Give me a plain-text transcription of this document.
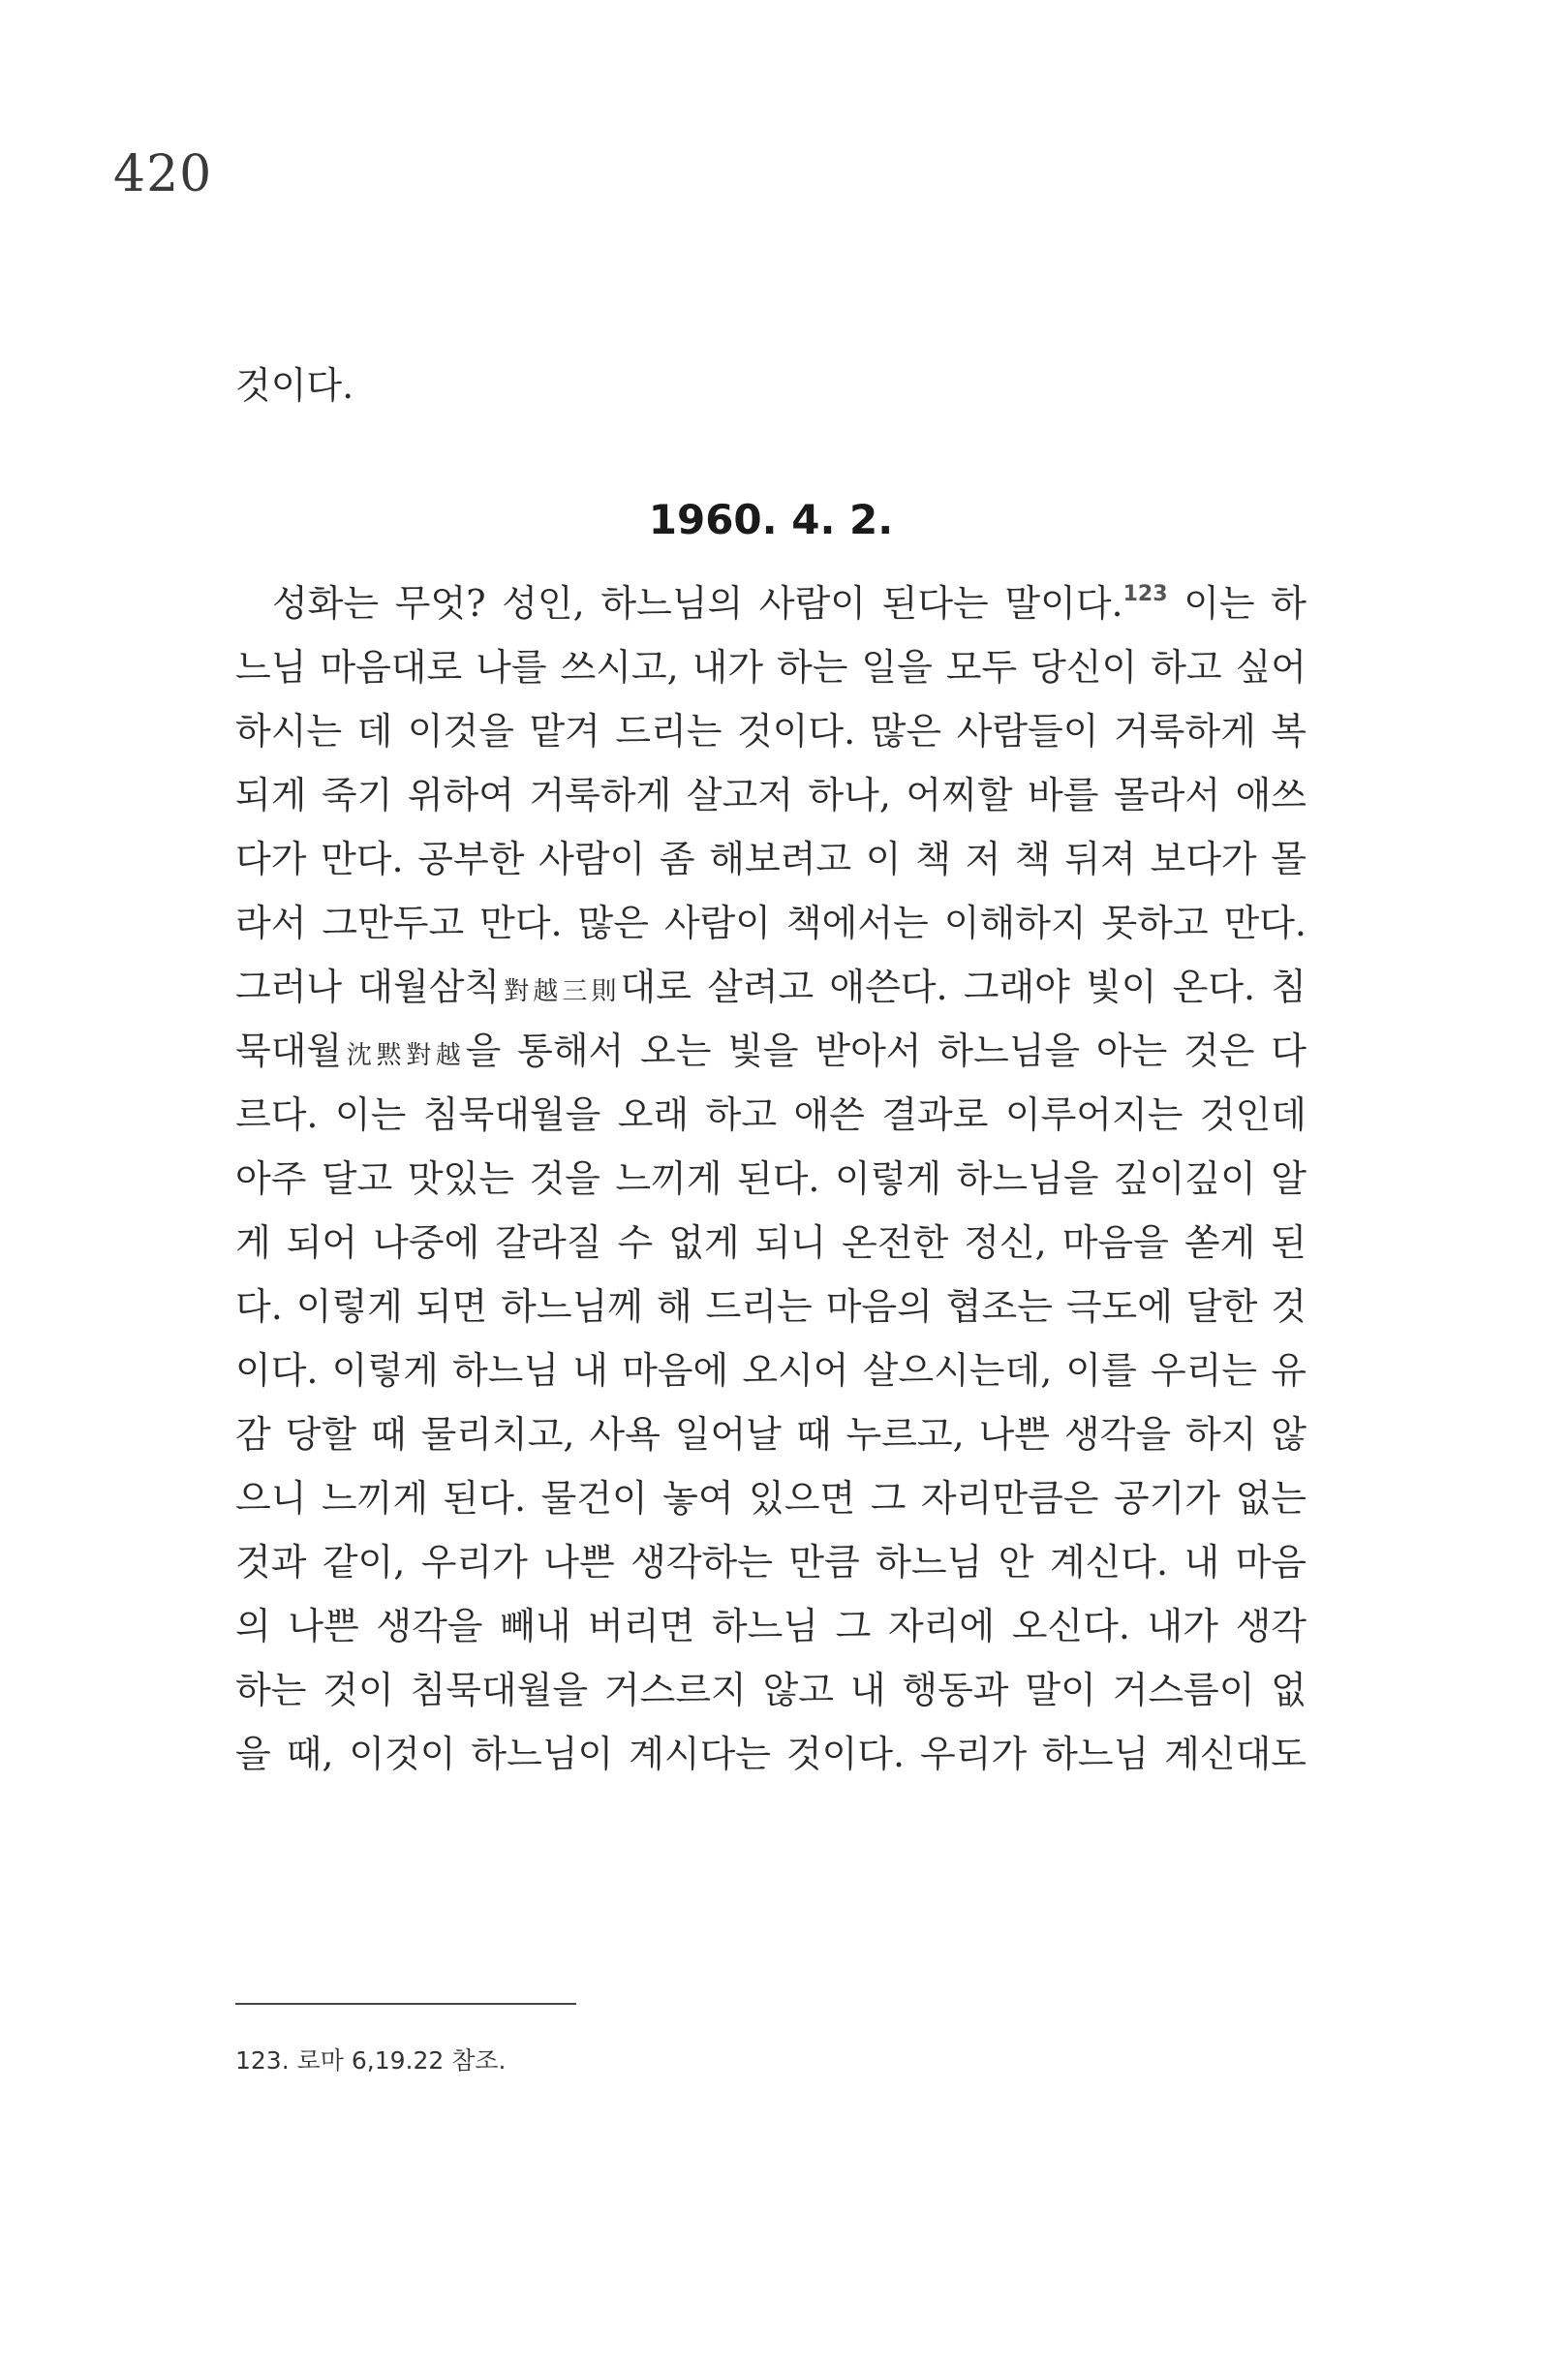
420

것이다.

1960. 4. 2.
성화는 무엇? 성인, 하느님의 사람이 된다는 말이다.$^{123}$ 이는 하
느님 마음대로 나를 쓰시고, 내가 하는 일을 모두 당신이 하고 싶어
하시는 데 이것을 맡겨 드리는 것이다. 많은 사람들이 거룩하게 복
되게 죽기 위하여 거룩하게 살고저 하나, 어찌할 바를 몰라서 애쓰
다가 만다. 공부한 사람이 좀 해보려고 이 책 저 책 뒤져 보다가 몰
라서 그만두고 만다. 많은 사람이 책에서는 이해하지 못하고 만다.
그러나 대월삼칙對越三則대로 살려고 애쓴다. 그래야 빛이 온다. 침
묵대월沈黙對越을 통해서 오는 빛을 받아서 하느님을 아는 것은 다
르다. 이는 침묵대월을 오래 하고 애쓴 결과로 이루어지는 것인데
아주 달고 맛있는 것을 느끼게 된다. 이렇게 하느님을 깊이깊이 알
게 되어 나중에 갈라질 수 없게 되니 온전한 정신, 마음을 쏟게 된
다. 이렇게 되면 하느님께 해 드리는 마음의 협조는 극도에 달한 것
이다. 이렇게 하느님 내 마음에 오시어 살으시는데, 이를 우리는 유
감 당할 때 물리치고, 사욕 일어날 때 누르고, 나쁜 생각을 하지 않
으니 느끼게 된다. 물건이 놓여 있으면 그 자리만큼은 공기가 없는
것과 같이, 우리가 나쁜 생각하는 만큼 하느님 안 계신다. 내 마음
의 나쁜 생각을 빼내 버리면 하느님 그 자리에 오신다. 내가 생각
하는 것이 침묵대월을 거스르지 않고 내 행동과 말이 거스름이 없
을 때, 이것이 하느님이 계시다는 것이다. 우리가 하느님 계신대도

123. 로마 6,19.22 참조.
